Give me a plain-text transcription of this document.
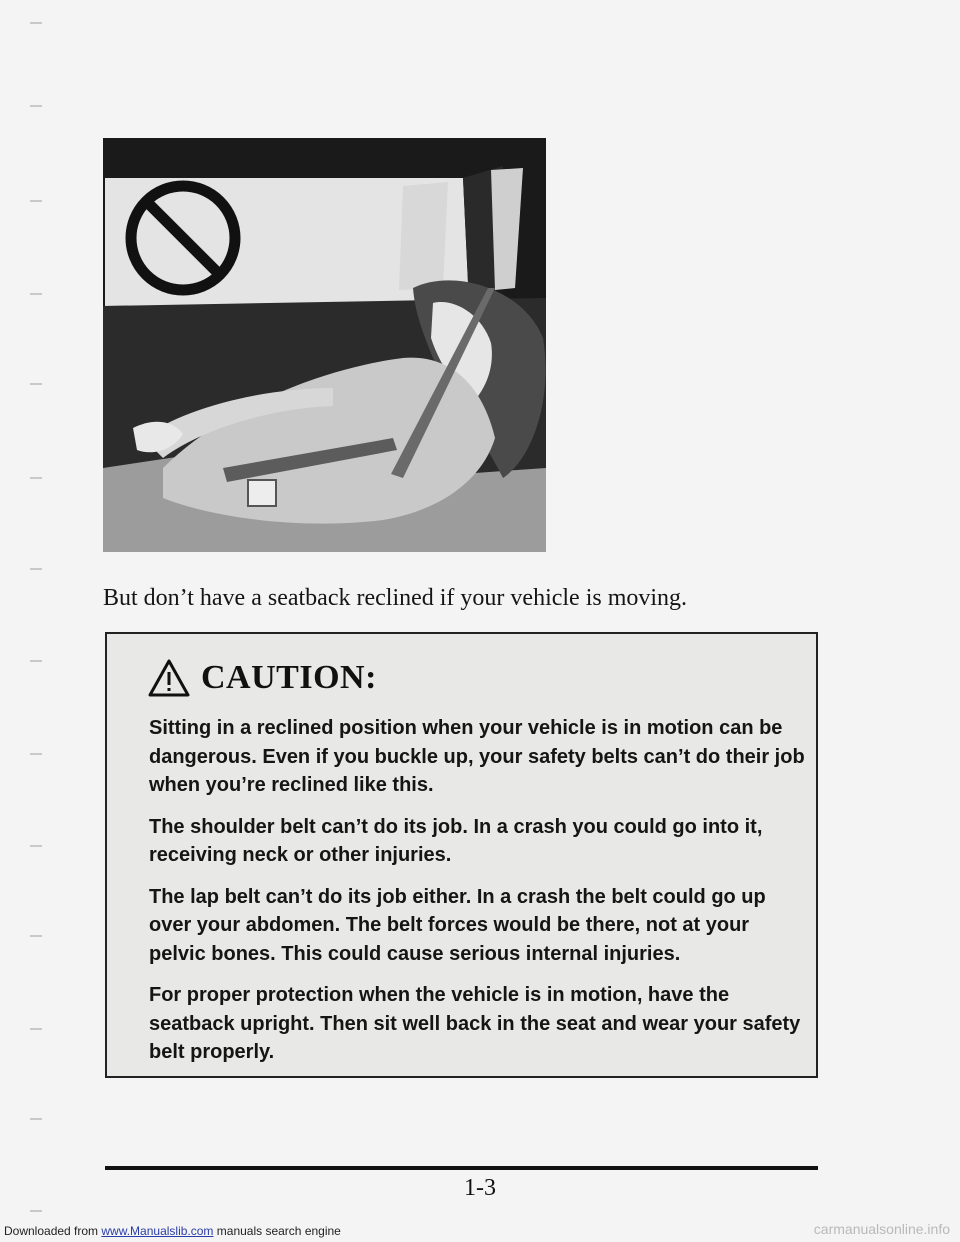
But don’t have a seatback reclined if your vehicle is moving.
CAUTION:

Sitting in a reclined position when your vehicle is in motion can be dangerous. Even if you buckle up, your safety belts can’t do their job when you’re reclined like this.

The shoulder belt can’t do its job. In a crash you could go into it, receiving neck or other injuries.

The lap belt can’t do its job either. In a crash the belt could go up over your abdomen. The belt forces would be there, not at your pelvic bones. This could cause serious internal injuries.

For proper protection when the vehicle is in motion, have the seatback upright. Then sit well back in the seat and wear your safety belt properly.

1-3
Downloaded from www.Manualslib.com manuals search engine	carmanualsonline.info
